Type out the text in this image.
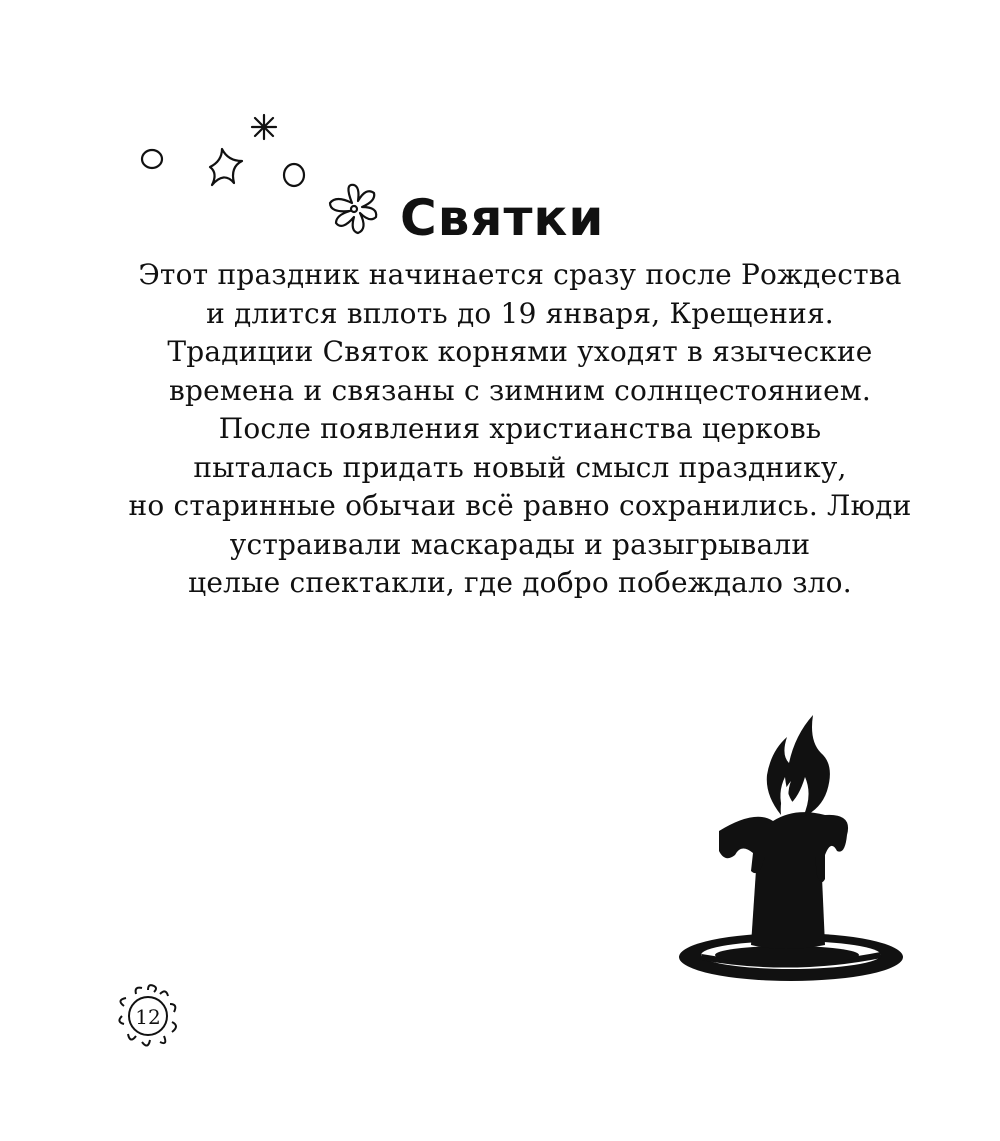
Святки
Этот праздник начинается сразу после Рождества
и длится вплоть до 19 января, Крещения.
Традиции Святок корнями уходят в языческие
времена и связаны с зимним солнцестоянием.
После появления христианства церковь
пыталась придать новый смысл празднику,
но старинные обычаи всё равно сохранились. Люди
устраивали маскарады и разыгрывали
целые спектакли, где добро побеждало зло.
12
